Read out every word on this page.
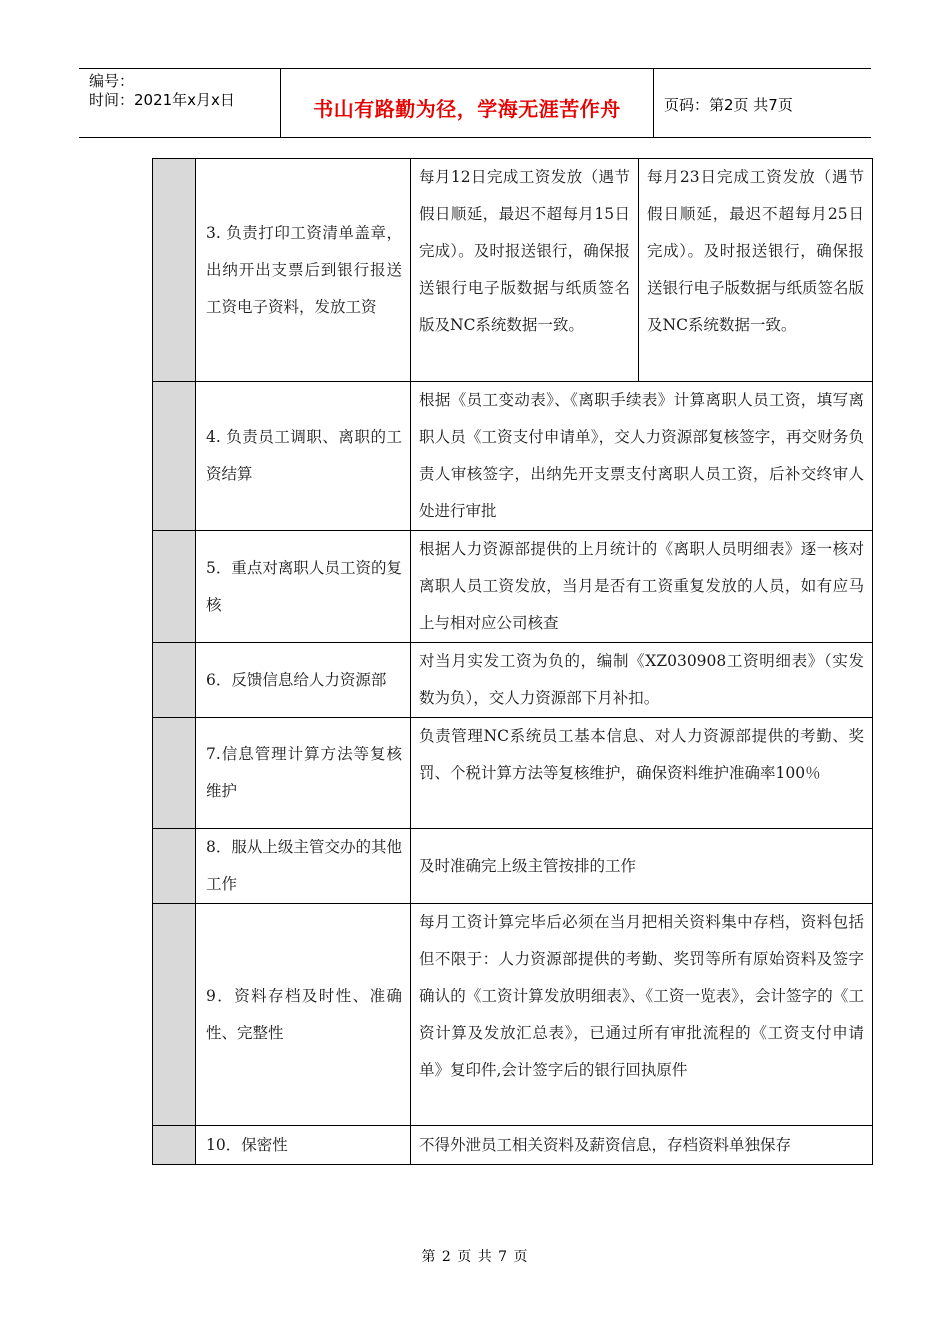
编号：
时间：2021年x月x日	书山有路勤为径，学海无涯苦作舟	页码：第2页 共7页
	3. 负责打印工资清单盖章，出纳开出支票后到银行报送工资电子资料，发放工资	每月12日完成工资发放（遇节假日顺延，最迟不超每月15日完成）。及时报送银行，确保报送银行电子版数据与纸质签名版及NC系统数据一致。	每月23日完成工资发放（遇节假日顺延，最迟不超每月25日完成）。及时报送银行，确保报送银行电子版数据与纸质签名版及NC系统数据一致。
	4. 负责员工调职、离职的工资结算	根据《员工变动表》、《离职手续表》计算离职人员工资，填写离职人员《工资支付申请单》，交人力资源部复核签字，再交财务负责人审核签字，出纳先开支票支付离职人员工资，后补交终审人处进行审批	
	5．重点对离职人员工资的复核	根据人力资源部提供的上月统计的《离职人员明细表》逐一核对离职人员工资发放，当月是否有工资重复发放的人员，如有应马上与相对应公司核查	
	6．反馈信息给人力资源部	对当月实发工资为负的，编制《XZ030908工资明细表》（实发数为负），交人力资源部下月补扣。	
	7.信息管理计算方法等复核维护	负责管理NC系统员工基本信息、对人力资源部提供的考勤、奖罚、个税计算方法等复核维护，确保资料维护准确率100％	
	8．服从上级主管交办的其他工作	及时准确完上级主管按排的工作	
	9．资料存档及时性、准确性、完整性	每月工资计算完毕后必须在当月把相关资料集中存档，资料包括但不限于：人力资源部提供的考勤、奖罚等所有原始资料及签字确认的《工资计算发放明细表》、《工资一览表》，会计签字的《工资计算及发放汇总表》，已通过所有审批流程的《工资支付申请单》复印件,会计签字后的银行回执原件	
	10．保密性	不得外泄员工相关资料及薪资信息，存档资料单独保存	
第 2 页 共 7 页
